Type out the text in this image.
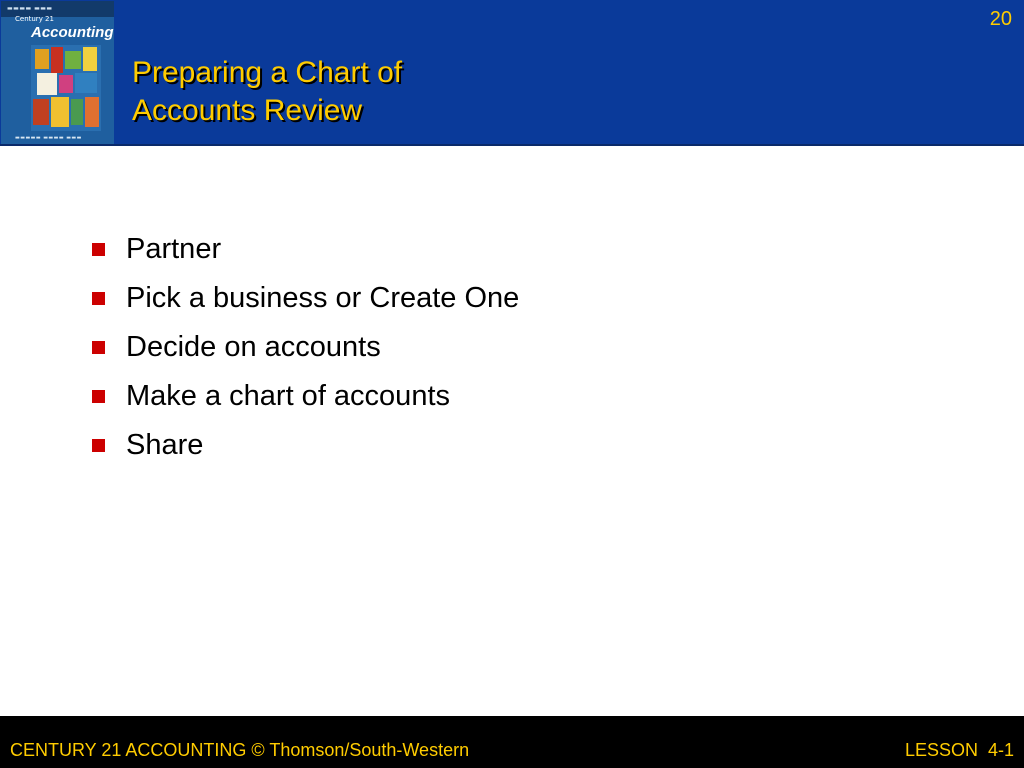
▬▬▬▬ ▬▬▬
Century 21
Accounting
▬▬▬▬▬ ▬▬▬▬ ▬▬▬
20
Preparing a Chart of
Accounts Review
Partner
Pick a business or Create One
Decide on accounts
Make a chart of accounts
Share
CENTURY 21 ACCOUNTING © Thomson/South-Western	LESSON  4-1
